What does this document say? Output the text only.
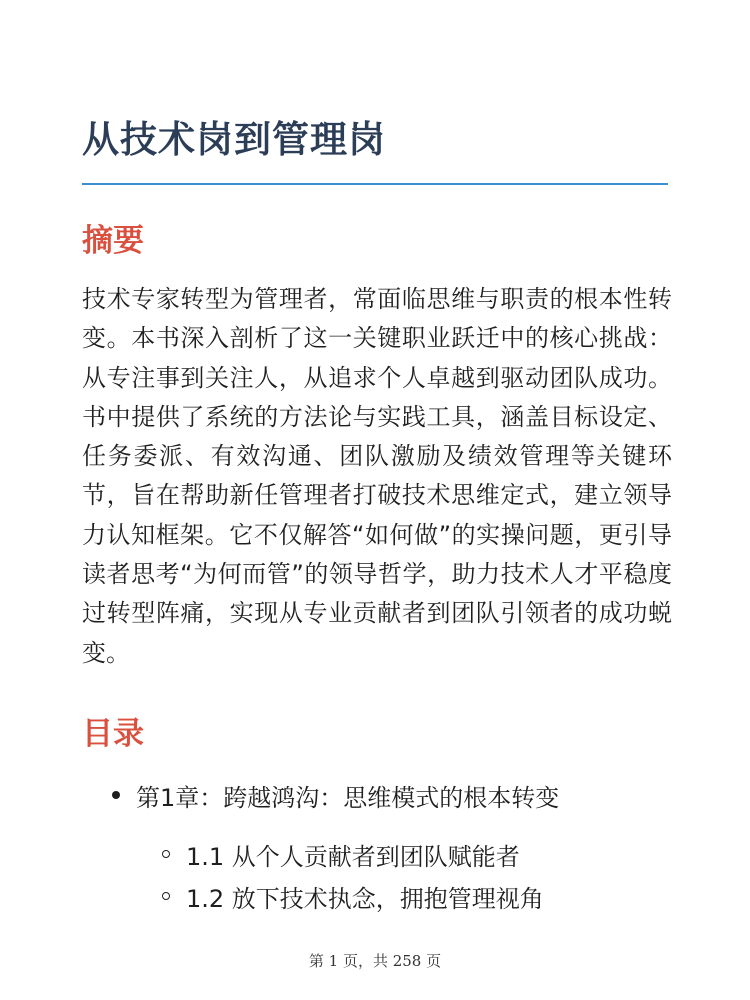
从技术岗到管理岗
摘要

技术专家转型为管理者，常面临思维与职责的根本性转变。本书深入剖析了这一关键职业跃迁中的核心挑战：从专注事到关注人，从追求个人卓越到驱动团队成功。书中提供了系统的方法论与实践工具，涵盖目标设定、任务委派、有效沟通、团队激励及绩效管理等关键环节，旨在帮助新任管理者打破技术思维定式，建立领导力认知框架。它不仅解答“如何做”的实操问题，更引导读者思考“为何而管”的领导哲学，助力技术人才平稳度过转型阵痛，实现从专业贡献者到团队引领者的成功蜕变。

目录
第1章：跨越鸿沟：思维模式的根本转变
1.1 从个人贡献者到团队赋能者
1.2 放下技术执念，拥抱管理视角
第 1 页，共 258 页
